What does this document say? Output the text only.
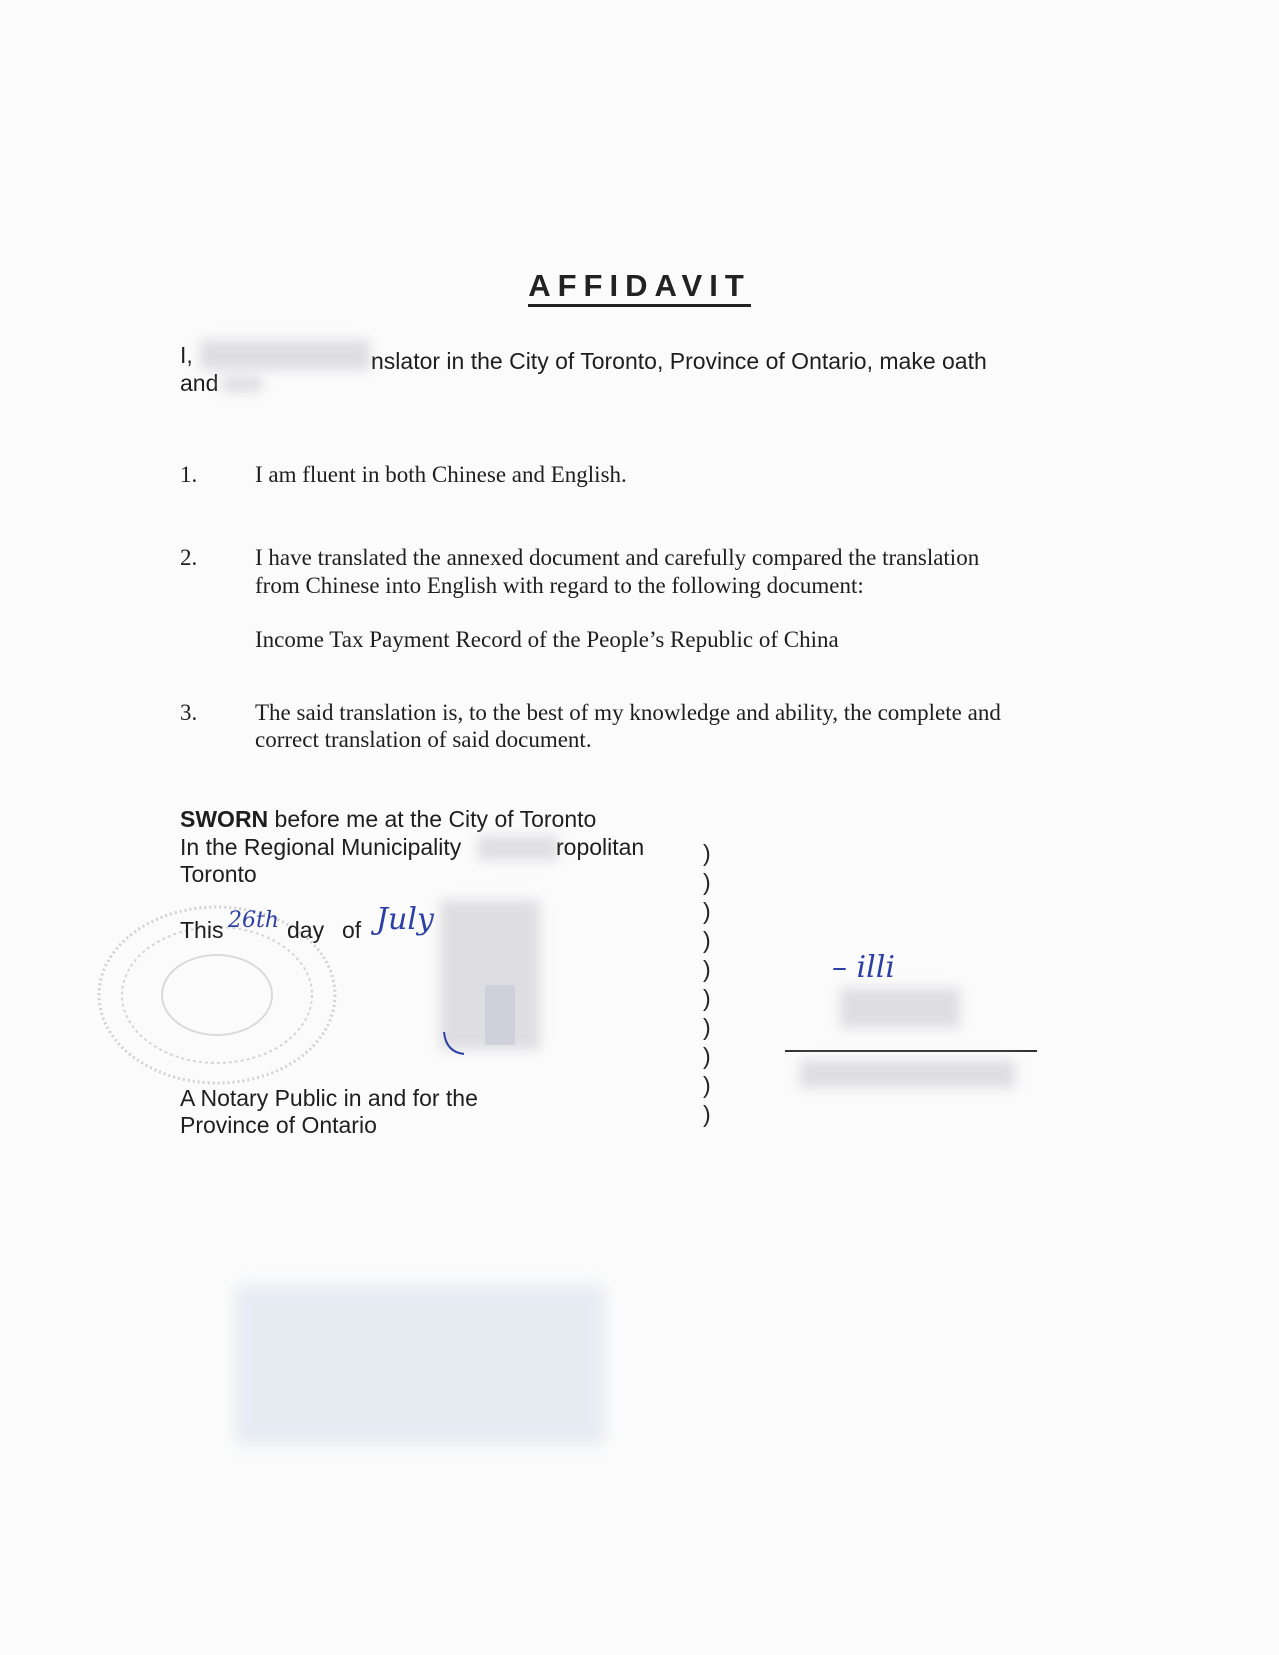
AFFIDAVIT
I,	nslator in the City of Toronto, Province of Ontario, make oath
and
1.	I am fluent in both Chinese and English.
2.	I have translated the annexed document and carefully compared the translation
from Chinese into English with regard to the following document:
Income Tax Payment Record of the People’s Republic of China
3.	The said translation is, to the best of my knowledge and ability, the complete and
correct translation of said document.
SWORN before me at the City of Toronto
In the Regional Municipality	ropolitan
Toronto
This 26th day of July
A Notary Public in and for the
Province of Ontario
)
)
)
)
)
)
)
)
)
)
– illi
